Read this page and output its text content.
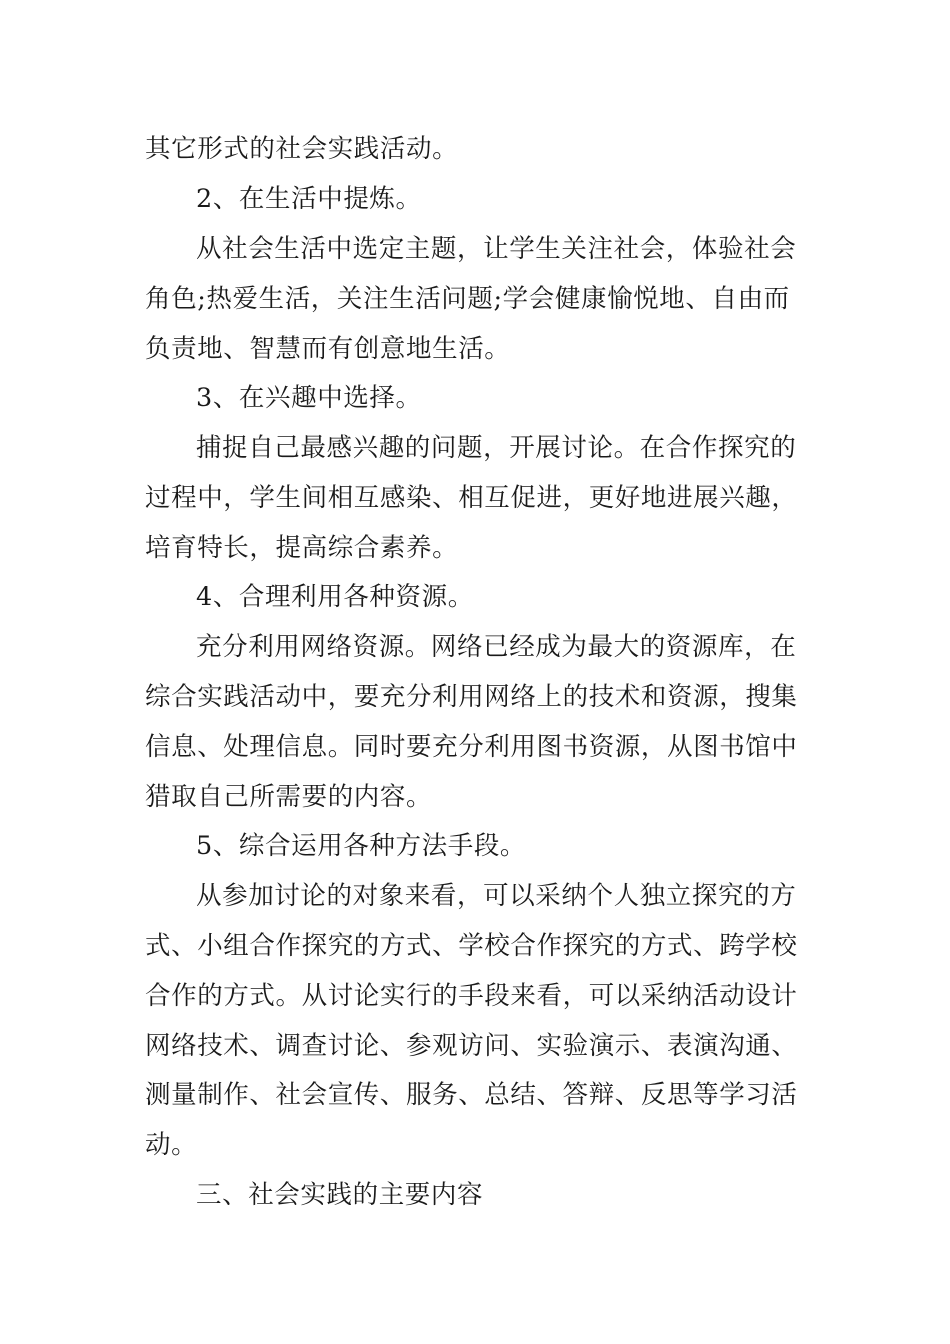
其它形式的社会实践活动。
2、在生活中提炼。
从社会生活中选定主题，让学生关注社会，体验社会
角色;热爱生活，关注生活问题;学会健康愉悦地、自由而
负责地、智慧而有创意地生活。
3、在兴趣中选择。
捕捉自己最感兴趣的问题，开展讨论。在合作探究的
过程中，学生间相互感染、相互促进，更好地进展兴趣，
培育特长，提高综合素养。
4、合理利用各种资源。
充分利用网络资源。网络已经成为最大的资源库，在
综合实践活动中，要充分利用网络上的技术和资源，搜集
信息、处理信息。同时要充分利用图书资源，从图书馆中
猎取自己所需要的内容。
5、综合运用各种方法手段。
从参加讨论的对象来看，可以采纳个人独立探究的方
式、小组合作探究的方式、学校合作探究的方式、跨学校
合作的方式。从讨论实行的手段来看，可以采纳活动设计
网络技术、调查讨论、参观访问、实验演示、表演沟通、
测量制作、社会宣传、服务、总结、答辩、反思等学习活
动。
三、社会实践的主要内容
